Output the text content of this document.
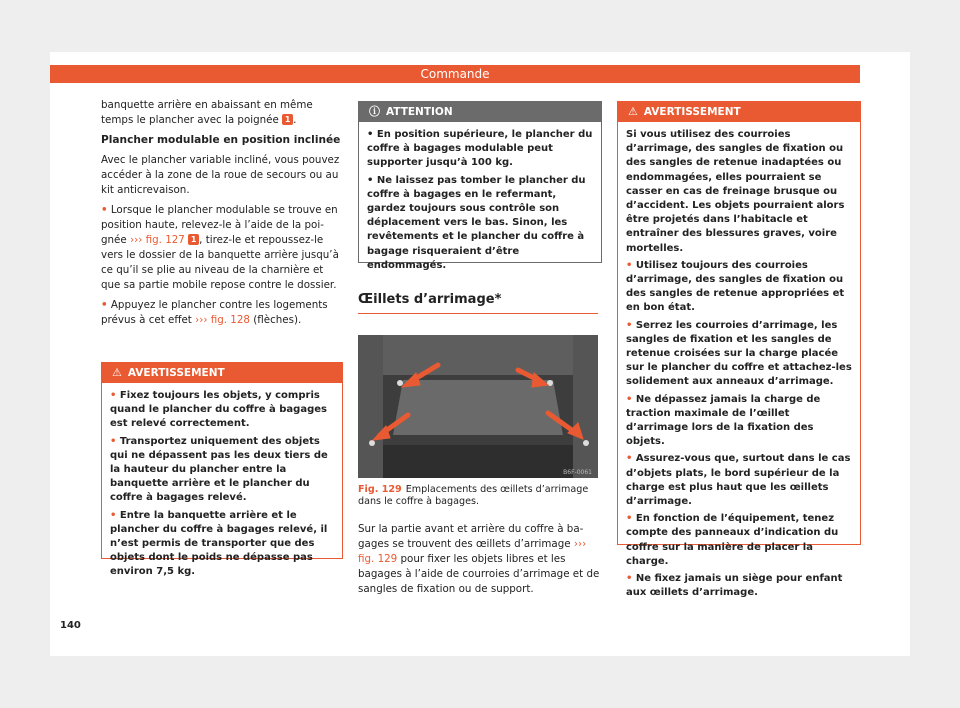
Commande

banquette arrière en abaissant en même temps le plancher avec la poignée 1 .

Plancher modulable en position inclinée

Avec le plancher variable incliné, vous pouvez accéder à la zone de la roue de secours ou au kit anticrevaison.

• Lorsque le plancher modulable se trouve en position haute, relevez-le à l’aide de la poignée ››› fig. 127 1 , tirez-le et repoussez-le vers le dossier de la banquette arrière jusqu’à ce qu’il se plie au niveau de la charnière et que sa partie mobile repose contre le dossier.

• Appuyez le plancher contre les logements prévus à cet effet ››› fig. 128 (flèches).

⚠ AVERTISSEMENT

• Fixez toujours les objets, y compris quand le plancher du coffre à bagages est relevé correctement.

• Transportez uniquement des objets qui ne dépassent pas les deux tiers de la hauteur du plancher entre la banquette arrière et le plancher du coffre à bagages relevé.

• Entre la banquette arrière et le plancher du coffre à bagages relevé, il n’est permis de transporter que des objets dont le poids ne dépasse pas environ 7,5 kg.

ⓘ ATTENTION

• En position supérieure, le plancher du coffre à bagages modulable peut supporter jusqu’à 100 kg.

• Ne laissez pas tomber le plancher du coffre à bagages en le refermant, gardez toujours sous contrôle son déplacement vers le bas. Sinon, les revêtements et le plancher du coffre à bagage risqueraient d’être endommagés.

Œillets d’arrimage*
B6F-0061
Fig. 129 Emplacements des œillets d’arrimage dans le coffre à bagages.

Sur la partie avant et arrière du coffre à bagages se trouvent des œillets d’arrimage ››› fig. 129 pour fixer les objets libres et les bagages à l’aide de courroies d’arrimage et de sangles de fixation ou de support.

⚠ AVERTISSEMENT

Si vous utilisez des courroies d’arrimage, des sangles de fixation ou des sangles de retenue inadaptées ou endommagées, elles pourraient se casser en cas de freinage brusque ou d’accident. Les objets pourraient alors être projetés dans l’habitacle et entraîner des blessures graves, voire mortelles.

• Utilisez toujours des courroies d’arrimage, des sangles de fixation ou des sangles de retenue appropriées et en bon état.

• Serrez les courroies d’arrimage, les sangles de fixation et les sangles de retenue croisées sur la charge placée sur le plancher du coffre et attachez-les solidement aux anneaux d’arrimage.

• Ne dépassez jamais la charge de traction maximale de l’œillet d’arrimage lors de la fixation des objets.

• Assurez-vous que, surtout dans le cas d’objets plats, le bord supérieur de la charge est plus haut que les œillets d’arrimage.

• En fonction de l’équipement, tenez compte des panneaux d’indication du coffre sur la manière de placer la charge.

• Ne fixez jamais un siège pour enfant aux œillets d’arrimage.

140
